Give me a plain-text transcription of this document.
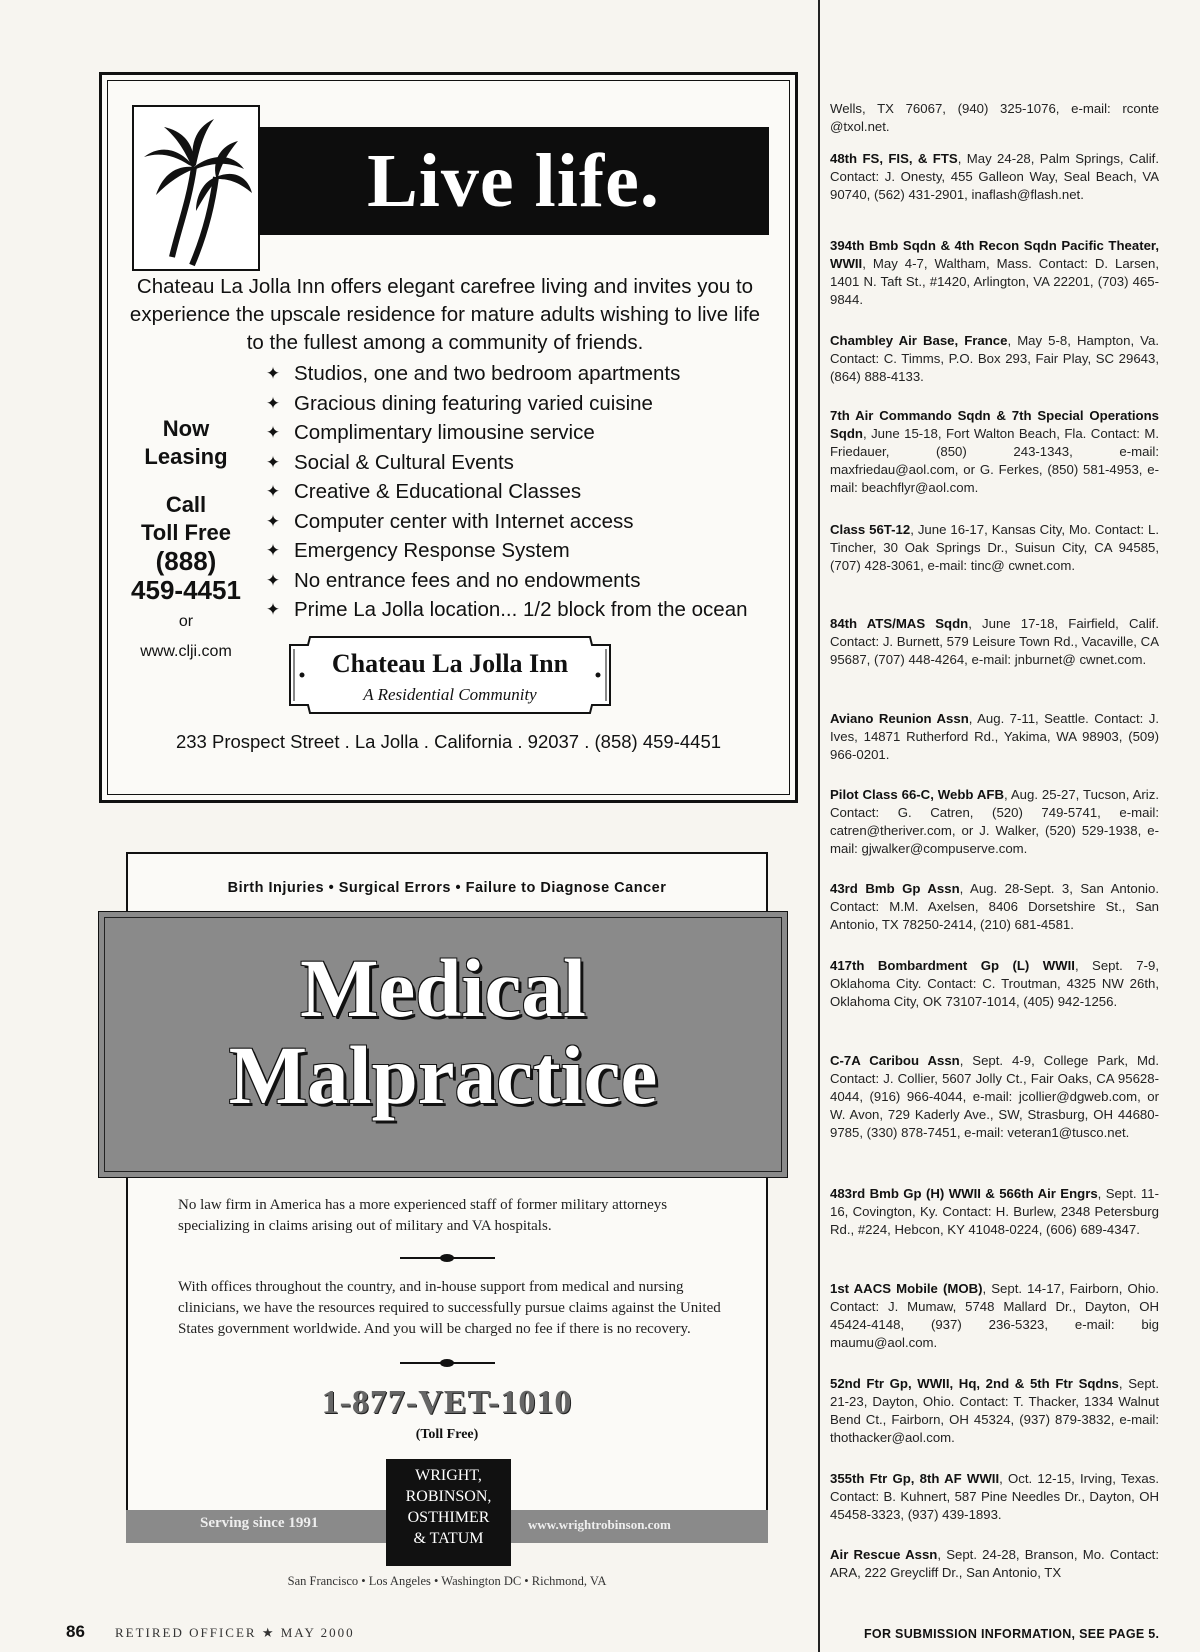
Live life.
Chateau La Jolla Inn offers elegant carefree living and invites you to experience the upscale residence for mature adults wishing to live life to the fullest among a community of friends.
Now
Leasing
Call
Toll Free
(888)
459-4451
or
www.clji.com
✦ Studios, one and two bedroom apartments
✦ Gracious dining featuring varied cuisine
✦ Complimentary limousine service
✦ Social & Cultural Events
✦ Creative & Educational Classes
✦ Computer center with Internet access
✦ Emergency Response System
✦ No entrance fees and no endowments
✦ Prime La Jolla location... 1/2 block from the ocean
Chateau La Jolla Inn
A Residential Community
233 Prospect Street . La Jolla . California . 92037 . (858) 459-4451
Birth Injuries • Surgical Errors • Failure to Diagnose Cancer
Medical
Malpractice
No law firm in America has a more experienced staff of former military attorneys specializing in claims arising out of military and VA hospitals.
With offices throughout the country, and in-house support from medical and nursing clinicians, we have the resources required to successfully pursue claims against the United States government worldwide. And you will be charged no fee if there is no recovery.
1-877-VET-1010
(Toll Free)
Serving since 1991	www.wrightrobinson.com
WRIGHT,
ROBINSON,
OSTHIMER
& TATUM
San Francisco • Los Angeles • Washington DC • Richmond, VA
86 RETIRED OFFICER ★ MAY 2000	FOR SUBMISSION INFORMATION, SEE PAGE 5.
Wells, TX 76067, (940) 325-1076, e-mail: rconte @txol.net.
48th FS, FIS, & FTS, May 24-28, Palm Springs, Calif. Contact: J. Onesty, 455 Galleon Way, Seal Beach, VA 90740, (562) 431-2901, inaflash@flash.net.
394th Bmb Sqdn & 4th Recon Sqdn Pacific Theater, WWII, May 4-7, Waltham, Mass. Contact: D. Larsen, 1401 N. Taft St., #1420, Arlington, VA 22201, (703) 465-9844.
Chambley Air Base, France, May 5-8, Hampton, Va. Contact: C. Timms, P.O. Box 293, Fair Play, SC 29643, (864) 888-4133.
7th Air Commando Sqdn & 7th Special Operations Sqdn, June 15-18, Fort Walton Beach, Fla. Contact: M. Friedauer, (850) 243-1343, e-mail: maxfriedau@aol.com, or G. Ferkes, (850) 581-4953, e-mail: beachflyr@aol.com.
Class 56T-12, June 16-17, Kansas City, Mo. Contact: L. Tincher, 30 Oak Springs Dr., Suisun City, CA 94585, (707) 428-3061, e-mail: tinc@ cwnet.com.
84th ATS/MAS Sqdn, June 17-18, Fairfield, Calif. Contact: J. Burnett, 579 Leisure Town Rd., Vacaville, CA 95687, (707) 448-4264, e-mail: jnburnet@ cwnet.com.
Aviano Reunion Assn, Aug. 7-11, Seattle. Contact: J. Ives, 14871 Rutherford Rd., Yakima, WA 98903, (509) 966-0201.
Pilot Class 66-C, Webb AFB, Aug. 25-27, Tucson, Ariz. Contact: G. Catren, (520) 749-5741, e-mail: catren@theriver.com, or J. Walker, (520) 529-1938, e-mail: gjwalker@compuserve.com.
43rd Bmb Gp Assn, Aug. 28-Sept. 3, San Antonio. Contact: M.M. Axelsen, 8406 Dorsetshire St., San Antonio, TX 78250-2414, (210) 681-4581.
417th Bombardment Gp (L) WWII, Sept. 7-9, Oklahoma City. Contact: C. Troutman, 4325 NW 26th, Oklahoma City, OK 73107-1014, (405) 942-1256.
C-7A Caribou Assn, Sept. 4-9, College Park, Md. Contact: J. Collier, 5607 Jolly Ct., Fair Oaks, CA 95628-4044, (916) 966-4044, e-mail: jcollier@dgweb.com, or W. Avon, 729 Kaderly Ave., SW, Strasburg, OH 44680-9785, (330) 878-7451, e-mail: veteran1@tusco.net.
483rd Bmb Gp (H) WWII & 566th Air Engrs, Sept. 11-16, Covington, Ky. Contact: H. Burlew, 2348 Petersburg Rd., #224, Hebcon, KY 41048-0224, (606) 689-4347.
1st AACS Mobile (MOB), Sept. 14-17, Fairborn, Ohio. Contact: J. Mumaw, 5748 Mallard Dr., Dayton, OH 45424-4148, (937) 236-5323, e-mail: big maumu@aol.com.
52nd Ftr Gp, WWII, Hq, 2nd & 5th Ftr Sqdns, Sept. 21-23, Dayton, Ohio. Contact: T. Thacker, 1334 Walnut Bend Ct., Fairborn, OH 45324, (937) 879-3832, e-mail: thothacker@aol.com.
355th Ftr Gp, 8th AF WWII, Oct. 12-15, Irving, Texas. Contact: B. Kuhnert, 587 Pine Needles Dr., Dayton, OH 45458-3323, (937) 439-1893.
Air Rescue Assn, Sept. 24-28, Branson, Mo. Contact: ARA, 222 Greycliff Dr., San Antonio, TX
